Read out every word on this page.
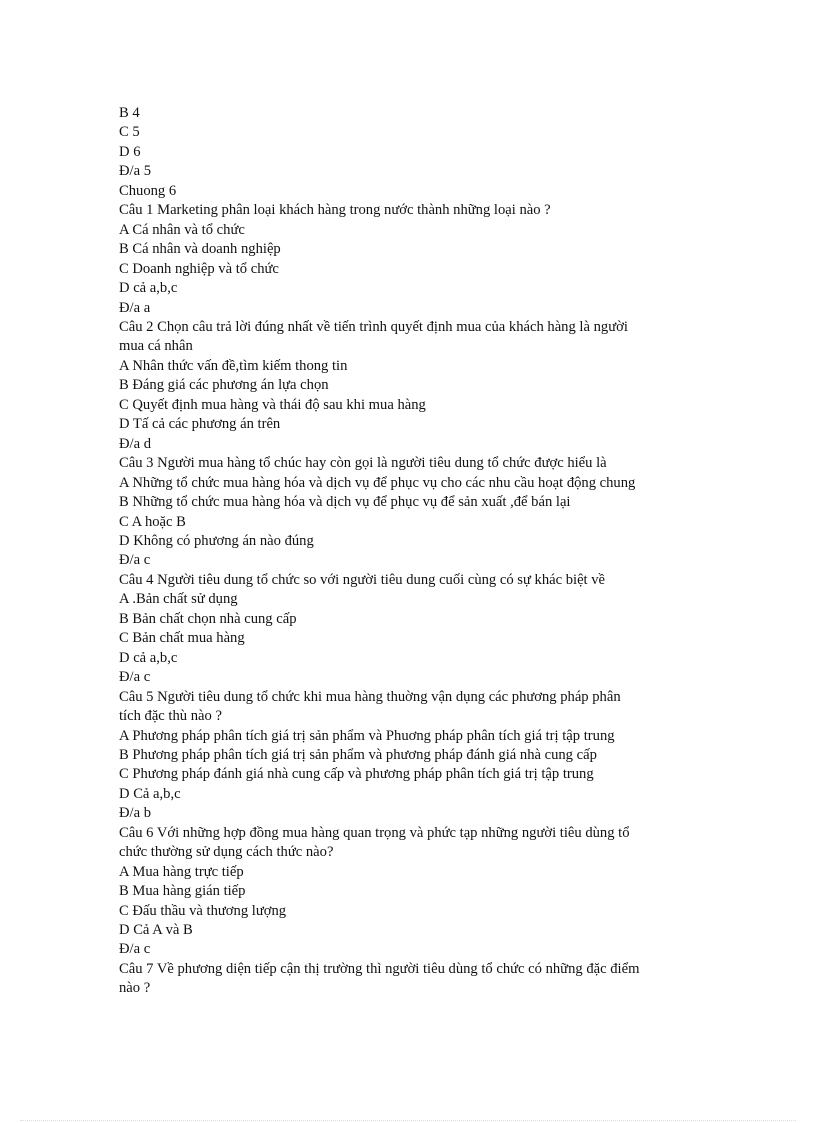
B 4
C 5
D 6
Đ/a 5
Chuong 6
Câu 1 Marketing phân loại khách hàng trong nước thành những loại nào ?
A Cá nhân và tổ chức
B Cá nhân và doanh nghiệp
C Doanh nghiệp và tổ chức
D cả a,b,c
Đ/a a
Câu 2 Chọn câu trả lời đúng nhất về tiến trình quyết định mua của khách hàng là người
mua cá nhân
A Nhân thức vấn đề,tìm kiếm thong tin
B Đáng giá các phương án lựa chọn
C Quyết định mua hàng và thái độ sau khi mua hàng
D Tấ cả các phương án trên
Đ/a d
Câu 3 Người mua hàng tổ chúc hay còn gọi là người tiêu dung tổ chức được hiểu là
A Những tổ chức mua hàng hóa và dịch vụ để phục vụ cho các nhu cầu hoạt động chung
B Những tổ chức mua hàng hóa và dịch vụ để phục vụ để sản xuất ,để bán lại
C A hoặc B
D Không có phương án nào đúng
Đ/a c
Câu 4 Người tiêu dung tổ chức so với người tiêu dung cuối cùng có sự khác biệt về
A .Bản chất sử dụng
B Bản chất chọn nhà cung cấp
C Bản chất mua hàng
D cả a,b,c
Đ/a c
Câu 5 Người tiêu dung tổ chức khi mua hàng thuờng vận dụng các phương pháp phân
tích đặc thù nào ?
A Phương pháp phân tích giá trị sản phẩm và Phuơng pháp phân tích giá trị tập trung
B Phương pháp phân tích giá trị sản phẩm và phương pháp đánh giá nhà cung cấp
C Phương pháp đánh giá nhà cung cấp và phương pháp phân tích giá trị tập trung
D Cả a,b,c
Đ/a b
Câu 6 Với những hợp đồng mua hàng quan trọng và phức tạp những người tiêu dùng tổ
chức thường sử dụng cách thức nào?
A Mua hàng trực tiếp
B Mua hàng gián tiếp
C Đấu thầu và thương lượng
D Cả A và B
Đ/a c
Câu 7 Về phương diện tiếp cận thị trường thì người tiêu dùng tổ chức có những đặc điểm
nào ?
